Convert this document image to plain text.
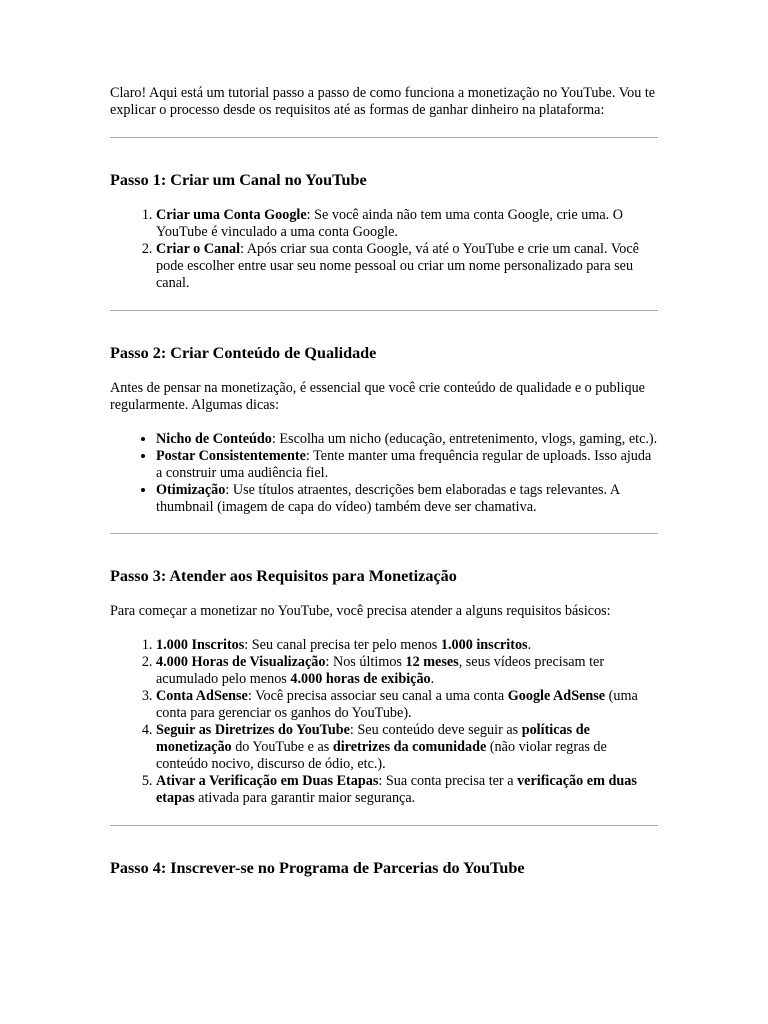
Claro! Aqui está um tutorial passo a passo de como funciona a monetização no YouTube. Vou te explicar o processo desde os requisitos até as formas de ganhar dinheiro na plataforma:

Passo 1: Criar um Canal no YouTube
1. Criar uma Conta Google: Se você ainda não tem uma conta Google, crie uma. O YouTube é vinculado a uma conta Google.
2. Criar o Canal: Após criar sua conta Google, vá até o YouTube e crie um canal. Você pode escolher entre usar seu nome pessoal ou criar um nome personalizado para seu canal.
Passo 2: Criar Conteúdo de Qualidade

Antes de pensar na monetização, é essencial que você crie conteúdo de qualidade e o publique regularmente. Algumas dicas:

• Nicho de Conteúdo: Escolha um nicho (educação, entretenimento, vlogs, gaming, etc.).
• Postar Consistentemente: Tente manter uma frequência regular de uploads. Isso ajuda a construir uma audiência fiel.
• Otimização: Use títulos atraentes, descrições bem elaboradas e tags relevantes. A thumbnail (imagem de capa do vídeo) também deve ser chamativa.
Passo 3: Atender aos Requisitos para Monetização

Para começar a monetizar no YouTube, você precisa atender a alguns requisitos básicos:

1. 1.000 Inscritos: Seu canal precisa ter pelo menos 1.000 inscritos.
2. 4.000 Horas de Visualização: Nos últimos 12 meses, seus vídeos precisam ter acumulado pelo menos 4.000 horas de exibição.
3. Conta AdSense: Você precisa associar seu canal a uma conta Google AdSense (uma conta para gerenciar os ganhos do YouTube).
4. Seguir as Diretrizes do YouTube: Seu conteúdo deve seguir as políticas de monetização do YouTube e as diretrizes da comunidade (não violar regras de conteúdo nocivo, discurso de ódio, etc.).
5. Ativar a Verificação em Duas Etapas: Sua conta precisa ter a verificação em duas etapas ativada para garantir maior segurança.
Passo 4: Inscrever-se no Programa de Parcerias do YouTube
